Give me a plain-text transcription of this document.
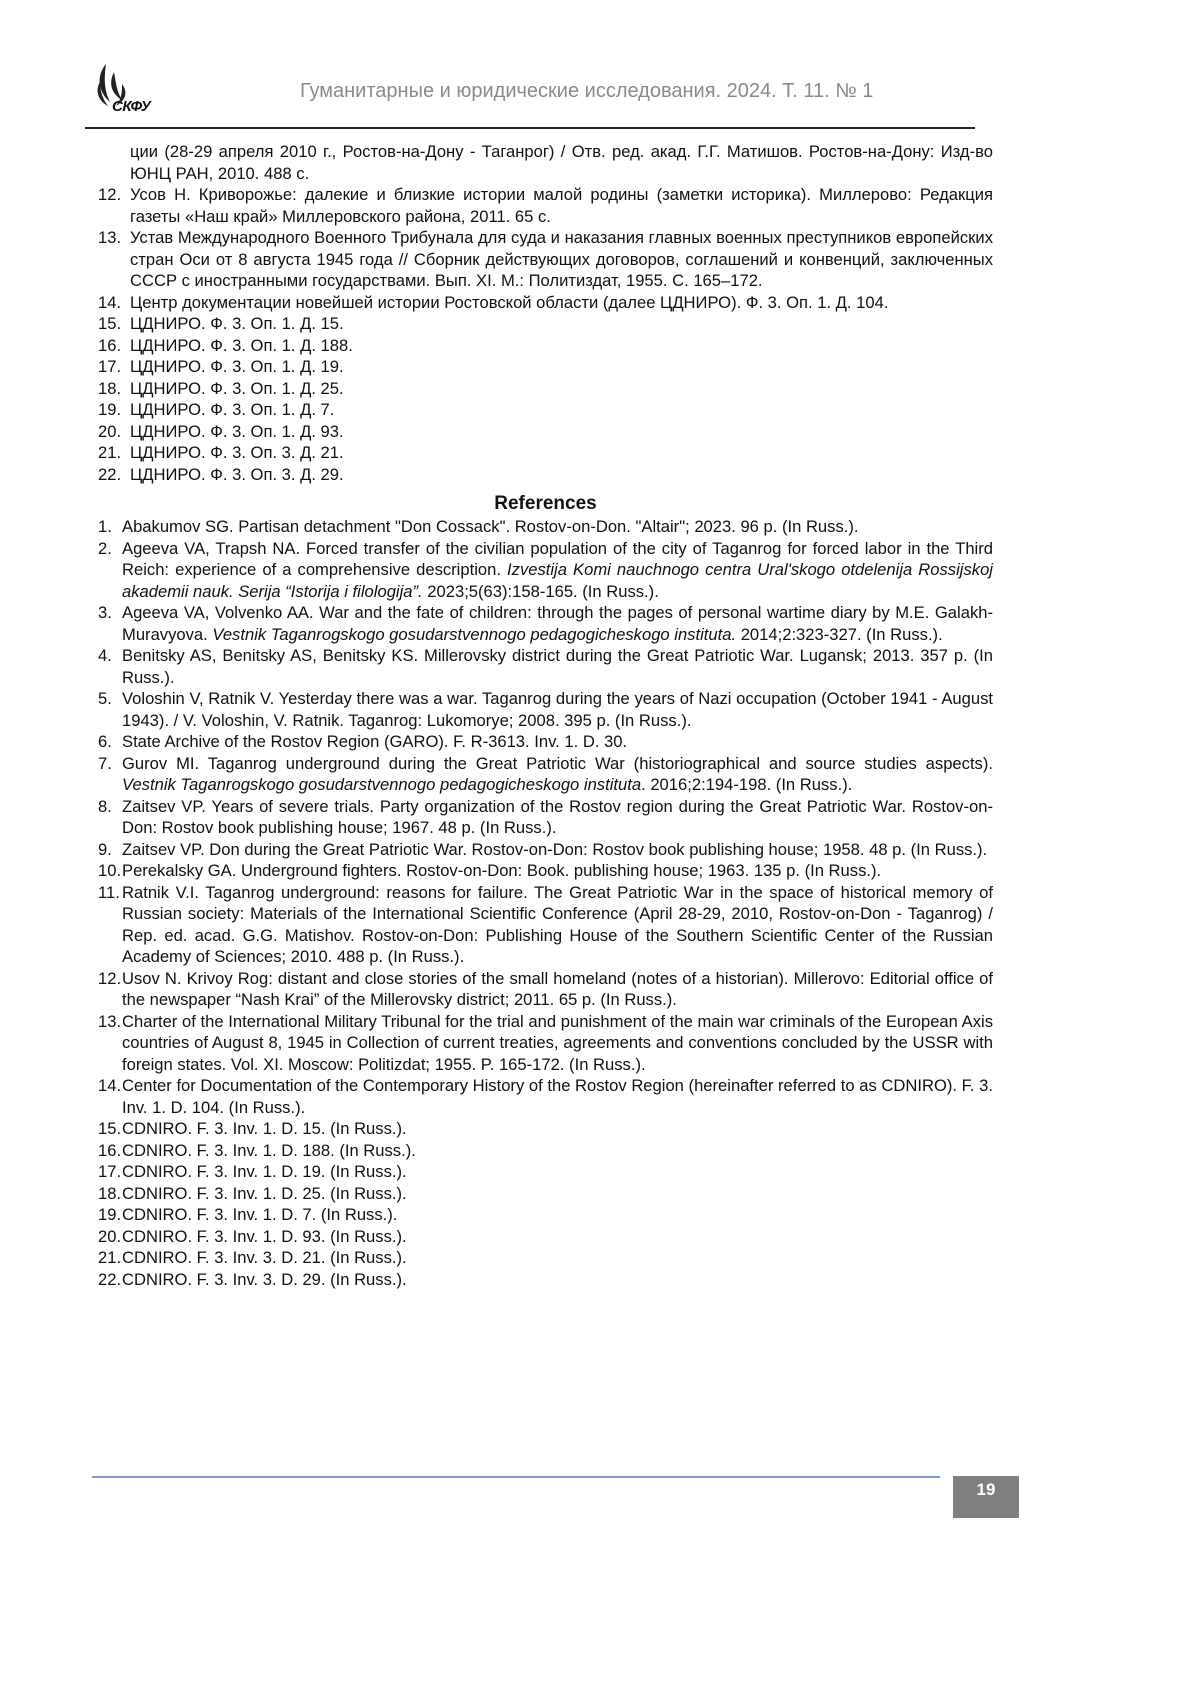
СКФУ
Гуманитарные и юридические исследования. 2024. Т. 11. № 1
ции (28-29 апреля 2010 г., Ростов-на-Дону - Таганрог) / Отв. ред. акад. Г.Г. Матишов. Ростов-на-Дону: Изд-во ЮНЦ РАН, 2010. 488 с.
12. Усов Н. Криворожье: далекие и близкие истории малой родины (заметки историка). Миллерово: Редакция газеты «Наш край» Миллеровского района, 2011. 65 с.
13. Устав Международного Военного Трибунала для суда и наказания главных военных преступников европейских стран Оси от 8 августа 1945 года // Сборник действующих договоров, соглашений и конвенций, заключенных СССР с иностранными государствами. Вып. XI. М.: Политиздат, 1955. С. 165–172.
14. Центр документации новейшей истории Ростовской области (далее ЦДНИРО). Ф. 3. Оп. 1. Д. 104.
15. ЦДНИРО. Ф. 3. Оп. 1. Д. 15.
16. ЦДНИРО. Ф. 3. Оп. 1. Д. 188.
17. ЦДНИРО. Ф. 3. Оп. 1. Д. 19.
18. ЦДНИРО. Ф. 3. Оп. 1. Д. 25.
19. ЦДНИРО. Ф. 3. Оп. 1. Д. 7.
20. ЦДНИРО. Ф. 3. Оп. 1. Д. 93.
21. ЦДНИРО. Ф. 3. Оп. 3. Д. 21.
22. ЦДНИРО. Ф. 3. Оп. 3. Д. 29.
References
1. Abakumov SG. Partisan detachment "Don Cossack". Rostov-on-Don. "Altair"; 2023. 96 p. (In Russ.).
2. Ageeva VA, Trapsh NA. Forced transfer of the civilian population of the city of Taganrog for forced labor in the Third Reich: experience of a comprehensive description. Izvestija Komi nauchnogo centra Ural'skogo otdelenija Rossijskoj akademii nauk. Serija “Istorija i filologija”. 2023;5(63):158-165. (In Russ.).
3. Ageeva VA, Volvenko AA. War and the fate of children: through the pages of personal wartime diary by M.E. Galakh-Muravyova. Vestnik Taganrogskogo gosudarstvennogo pedagogicheskogo instituta. 2014;2:323-327. (In Russ.).
4. Benitsky AS, Benitsky AS, Benitsky KS. Millerovsky district during the Great Patriotic War. Lugansk; 2013. 357 p. (In Russ.).
5. Voloshin V, Ratnik V. Yesterday there was a war. Taganrog during the years of Nazi occupation (October 1941 - August 1943). / V. Voloshin, V. Ratnik. Taganrog: Lukomorye; 2008. 395 p. (In Russ.).
6. State Archive of the Rostov Region (GARO). F. R-3613. Inv. 1. D. 30.
7. Gurov MI. Taganrog underground during the Great Patriotic War (historiographical and source studies aspects). Vestnik Taganrogskogo gosudarstvennogo pedagogicheskogo instituta. 2016;2:194-198. (In Russ.).
8. Zaitsev VP. Years of severe trials. Party organization of the Rostov region during the Great Patriotic War. Rostov-on-Don: Rostov book publishing house; 1967. 48 p. (In Russ.).
9. Zaitsev VP. Don during the Great Patriotic War. Rostov-on-Don: Rostov book publishing house; 1958. 48 p. (In Russ.).
10. Perekalsky GA. Underground fighters. Rostov-on-Don: Book. publishing house; 1963. 135 p. (In Russ.).
11. Ratnik V.I. Taganrog underground: reasons for failure. The Great Patriotic War in the space of historical memory of Russian society: Materials of the International Scientific Conference (April 28-29, 2010, Rostov-on-Don - Taganrog) / Rep. ed. acad. G.G. Matishov. Rostov-on-Don: Publishing House of the Southern Scientific Center of the Russian Academy of Sciences; 2010. 488 p. (In Russ.).
12. Usov N. Krivoy Rog: distant and close stories of the small homeland (notes of a historian). Millerovo: Editorial office of the newspaper “Nash Krai” of the Millerovsky district; 2011. 65 p. (In Russ.).
13. Charter of the International Military Tribunal for the trial and punishment of the main war criminals of the European Axis countries of August 8, 1945 in Collection of current treaties, agreements and conventions concluded by the USSR with foreign states. Vol. XI. Moscow: Politizdat; 1955. P. 165-172. (In Russ.).
14. Center for Documentation of the Contemporary History of the Rostov Region (hereinafter referred to as CDNIRO). F. 3. Inv. 1. D. 104. (In Russ.).
15. CDNIRO. F. 3. Inv. 1. D. 15. (In Russ.).
16. CDNIRO. F. 3. Inv. 1. D. 188. (In Russ.).
17. CDNIRO. F. 3. Inv. 1. D. 19. (In Russ.).
18. CDNIRO. F. 3. Inv. 1. D. 25. (In Russ.).
19. CDNIRO. F. 3. Inv. 1. D. 7. (In Russ.).
20. CDNIRO. F. 3. Inv. 1. D. 93. (In Russ.).
21. CDNIRO. F. 3. Inv. 3. D. 21. (In Russ.).
22. CDNIRO. F. 3. Inv. 3. D. 29. (In Russ.).
19
